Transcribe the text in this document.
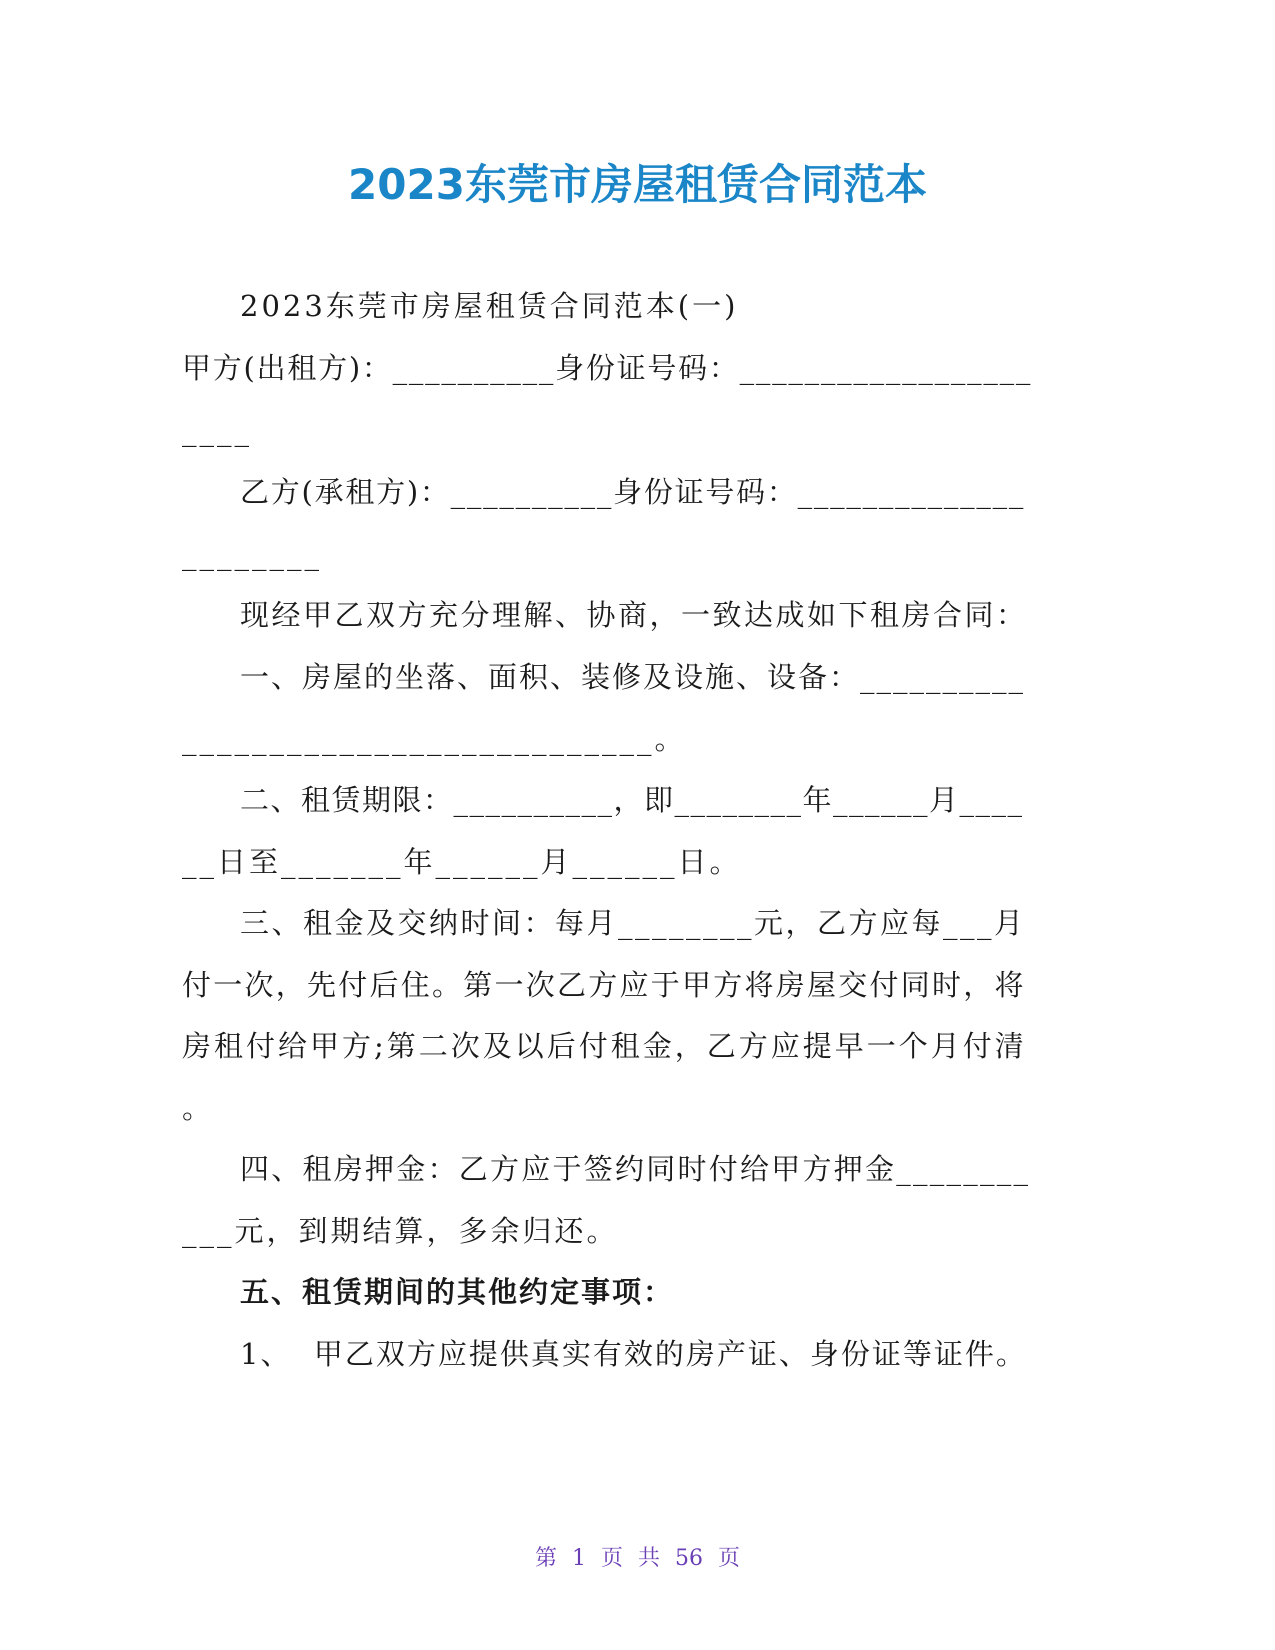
2023东莞市房屋租赁合同范本
2023东莞市房屋租赁合同范本(一)
甲方(出租方)：__________身份证号码：__________________
____
乙方(承租方)：__________身份证号码：______________
________
现经甲乙双方充分理解、协商，一致达成如下租房合同：
一、房屋的坐落、面积、装修及设施、设备：__________
___________________________。
二、租赁期限：__________，即________年______月____
__日至_______年______月______日。
三、租金及交纳时间：每月________元，乙方应每___月
付一次，先付后住。第一次乙方应于甲方将房屋交付同时，将
房租付给甲方;第二次及以后付租金，乙方应提早一个月付清
。
四、租房押金：乙方应于签约同时付给甲方押金________
___元，到期结算，多余归还。
五、租赁期间的其他约定事项：
1、  甲乙双方应提供真实有效的房产证、身份证等证件。
第 1 页 共 56 页
